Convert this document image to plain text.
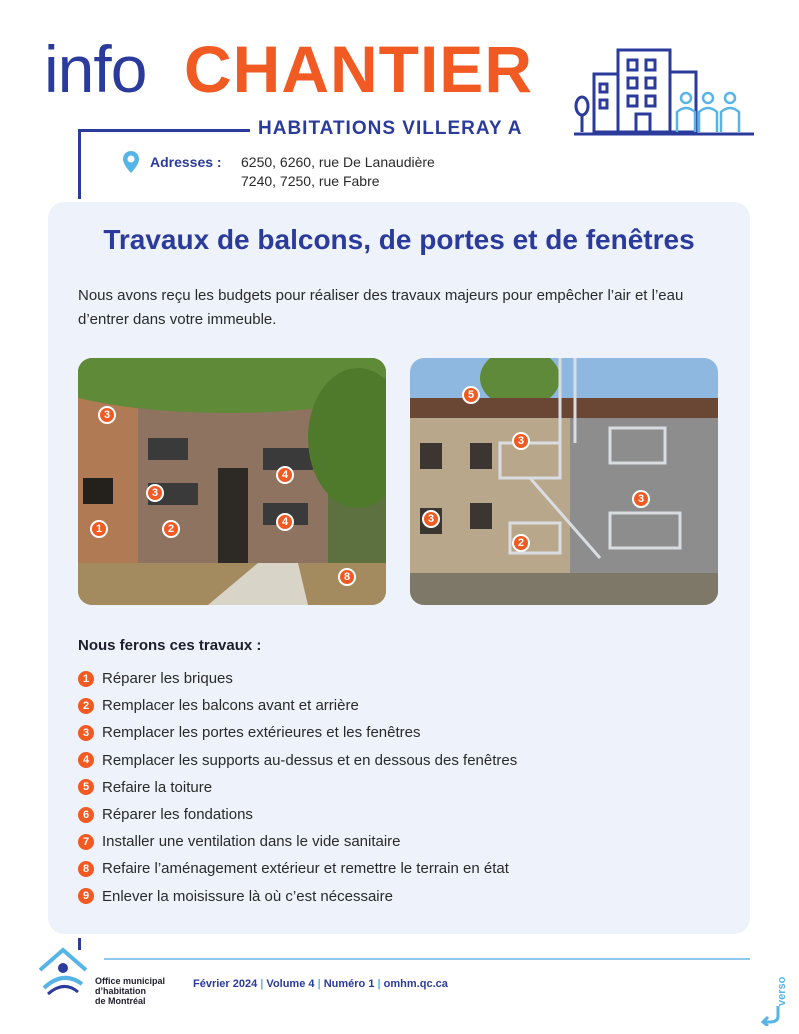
info CHANTIER
HABITATIONS VILLERAY A
Adresses : 6250, 6260, rue De Lanaudière
7240, 7250, rue Fabre
Travaux de balcons, de portes et de fenêtres
Nous avons reçu les budgets pour réaliser des travaux majeurs pour empêcher l’air et l’eau d’entrer dans votre immeuble.
3
4
3
1	2
4
8
5
3
3
3
2
Nous ferons ces travaux :
1 Réparer les briques
2 Remplacer les balcons avant et arrière
3 Remplacer les portes extérieures et les fenêtres
4 Remplacer les supports au-dessus et en dessous des fenêtres
5 Refaire la toiture
6 Réparer les fondations
7 Installer une ventilation dans le vide sanitaire
8 Refaire l’aménagement extérieur et remettre le terrain en état
9 Enlever la moisissure là où c’est nécessaire
Office municipal
d’habitation
de Montréal
Février 2024 | Volume 4 | Numéro 1 | omhm.qc.ca	verso
